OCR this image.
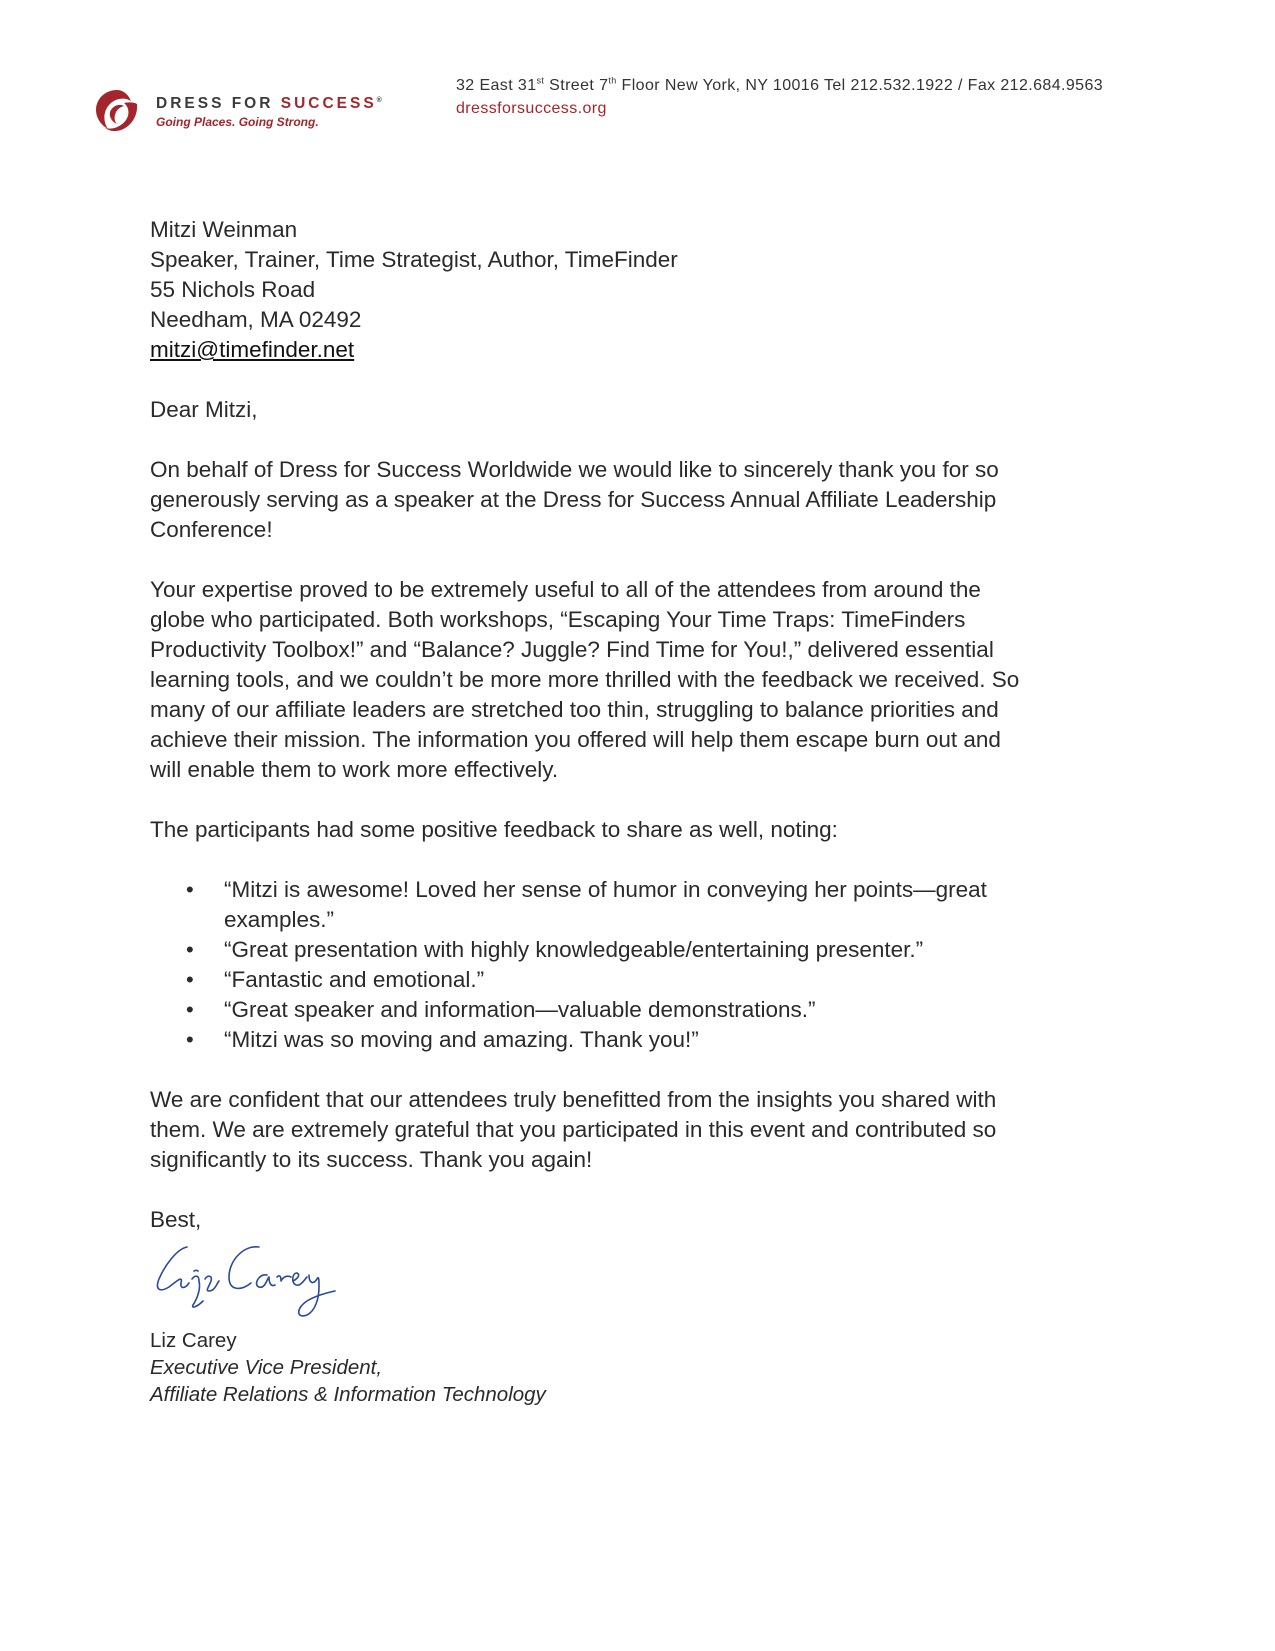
DRESS FOR SUCCESS®
Going Places. Going Strong.
32 East 31st Street 7th Floor New York, NY 10016 Tel 212.532.1922 / Fax 212.684.9563
dressforsuccess.org
Mitzi Weinman
Speaker, Trainer, Time Strategist, Author, TimeFinder
55 Nichols Road
Needham, MA 02492
mitzi@timefinder.net
Dear Mitzi,
On behalf of Dress for Success Worldwide we would like to sincerely thank you for so
generously serving as a speaker at the Dress for Success Annual Affiliate Leadership
Conference!
Your expertise proved to be extremely useful to all of the attendees from around the
globe who participated. Both workshops, “Escaping Your Time Traps: TimeFinders
Productivity Toolbox!” and “Balance? Juggle? Find Time for You!,” delivered essential
learning tools, and we couldn’t be more more thrilled with the feedback we received. So
many of our affiliate leaders are stretched too thin, struggling to balance priorities and
achieve their mission. The information you offered will help them escape burn out and
will enable them to work more effectively.
The participants had some positive feedback to share as well, noting:
• “Mitzi is awesome! Loved her sense of humor in conveying her points—great
examples.”
• “Great presentation with highly knowledgeable/entertaining presenter.”
• “Fantastic and emotional.”
• “Great speaker and information—valuable demonstrations.”
• “Mitzi was so moving and amazing. Thank you!”
We are confident that our attendees truly benefitted from the insights you shared with
them. We are extremely grateful that you participated in this event and contributed so
significantly to its success. Thank you again!
Best,
Liz Carey
Executive Vice President,
Affiliate Relations & Information Technology
